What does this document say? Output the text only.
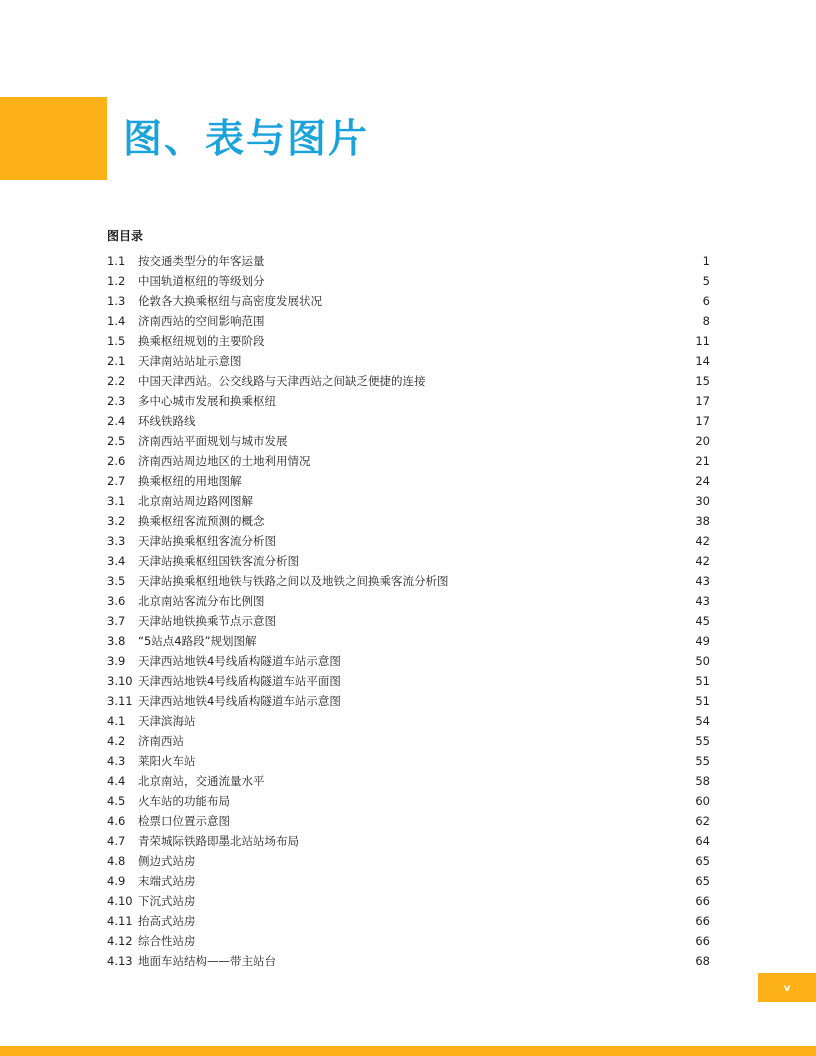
图、表与图片
图目录
1.1	按交通类型分的年客运量	1
1.2	中国轨道枢纽的等级划分	5
1.3	伦敦各大换乘枢纽与高密度发展状况	6
1.4	济南西站的空间影响范围	8
1.5	换乘枢纽规划的主要阶段	11
2.1	天津南站站址示意图	14
2.2	中国天津西站。公交线路与天津西站之间缺乏便捷的连接	15
2.3	多中心城市发展和换乘枢纽	17
2.4	环线铁路线	17
2.5	济南西站平面规划与城市发展	20
2.6	济南西站周边地区的土地利用情况	21
2.7	换乘枢纽的用地图解	24
3.1	北京南站周边路网图解	30
3.2	换乘枢纽客流预测的概念	38
3.3	天津站换乘枢纽客流分析图	42
3.4	天津站换乘枢纽国铁客流分析图	42
3.5	天津站换乘枢纽地铁与铁路之间以及地铁之间换乘客流分析图	43
3.6	北京南站客流分布比例图	43
3.7	天津站地铁换乘节点示意图	45
3.8	“5站点4路段”规划图解	49
3.9	天津西站地铁4号线盾构隧道车站示意图	50
3.10 天津西站地铁4号线盾构隧道车站平面图	51
3.11 天津西站地铁4号线盾构隧道车站示意图	51
4.1	天津滨海站	54
4.2	济南西站	55
4.3	莱阳火车站	55
4.4	北京南站，交通流量水平	58
4.5	火车站的功能布局	60
4.6	检票口位置示意图	62
4.7	青荣城际铁路即墨北站站场布局	64
4.8	侧边式站房	65
4.9	末端式站房	65
4.10 下沉式站房	66
4.11 抬高式站房	66
4.12 综合性站房	66
4.13 地面车站结构——带主站台	68
v
